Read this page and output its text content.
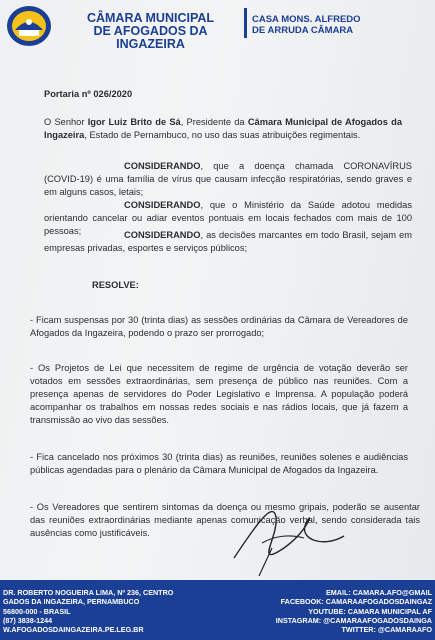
CÂMARA MUNICIPAL
DE AFOGADOS DA INGAZEIRA
CASA MONS. ALFREDO
DE ARRUDA CÂMARA
Portaria nº 026/2020
O Senhor Igor Luiz Brito de Sá, Presidente da Câmara Municipal de Afogados da Ingazeira, Estado de Pernambuco, no uso das suas atribuições regimentais.
CONSIDERANDO, que a doença chamada CORONAVÍRUS (COVID-19) é uma família de vírus que causam infecção respiratórias, sendo graves e em alguns casos, letais;
CONSIDERANDO, que o Ministério da Saúde adotou medidas orientando cancelar ou adiar eventos pontuais em locais fechados com mais de 100 pessoas;	CONSIDERANDO, as decisões marcantes em todo Brasil, sejam em empresas privadas, esportes e serviços públicos;
RESOLVE:
- Ficam suspensas por 30 (trinta dias) as sessões ordinárias da Câmara de Vereadores de Afogados da Ingazeira, podendo o prazo ser prorrogado;
- Os Projetos de Lei que necessitem de regime de urgência de votação deverão ser votados em sessões extraordinárias, sem presença de público nas reuniões. Com a presença apenas de servidores do Poder Legislativo e Imprensa. A população poderá acompanhar os trabalhos em nossas redes sociais e nas rádios locais, que já fazem a transmissão ao vivo das sessões.
- Fica cancelado nos próximos 30 (trinta dias) as reuniões, reuniões solenes e audiências públicas agendadas para o plenário da Câmara Municipal de Afogados da Ingazeira.
- Os Vereadores que sentirem sintomas da doença ou mesmo gripais, poderão se ausentar das reuniões extraordinárias mediante apenas comunicação verbal, sendo considerada tais ausências como justificáveis.
DR. ROBERTO NOGUEIRA LIMA, Nº 236, CENTRO
GADOS DA INGAZEIRA, PERNAMBUCO
56800-000 - BRASIL
(87) 3838-1244
W.AFOGADOSDAINGAZEIRA.PE.LEG.BR
EMAIL: CAMARA.AFO@GMAIL
FACEBOOK: CAMARAAFOGADOSDAINGAZ
YOUTUBE: CAMARA MUNICIPAL AF
INSTAGRAM: @CAMARAAFOGADOSDAINGA
TWITTER: @CAMARAAFO
